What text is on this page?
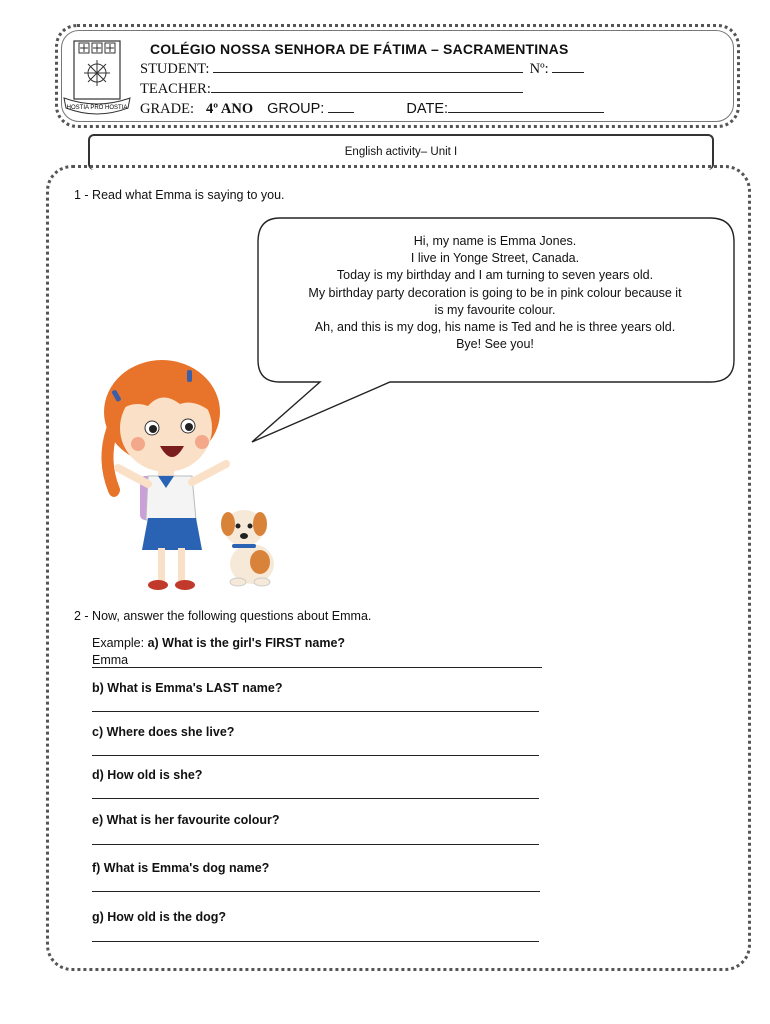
HOSTIA PRO HOSTIA
COLÉGIO NOSSA SENHORA DE FÁTIMA – SACRAMENTINAS
STUDENT:	Nº:
TEACHER:
GRADE: 4º ANO GROUP:	DATE:
English activity– Unit I
1 - Read what Emma is saying to you.
Hi, my name is Emma Jones.
I live in Yonge Street, Canada.
Today is my birthday and I am turning to seven years old.
My birthday party decoration is going to be in pink colour because it
is my favourite colour.
Ah, and this is my dog, his name is Ted and he is three years old.
Bye! See you!
2 - Now, answer the following questions about Emma.
Example: a) What is the girl's FIRST name?
Emma
b) What is Emma's LAST name?
c) Where does she live?
d) How old is she?
e) What is her favourite colour?
f) What is Emma's dog name?
g) How old is the dog?
